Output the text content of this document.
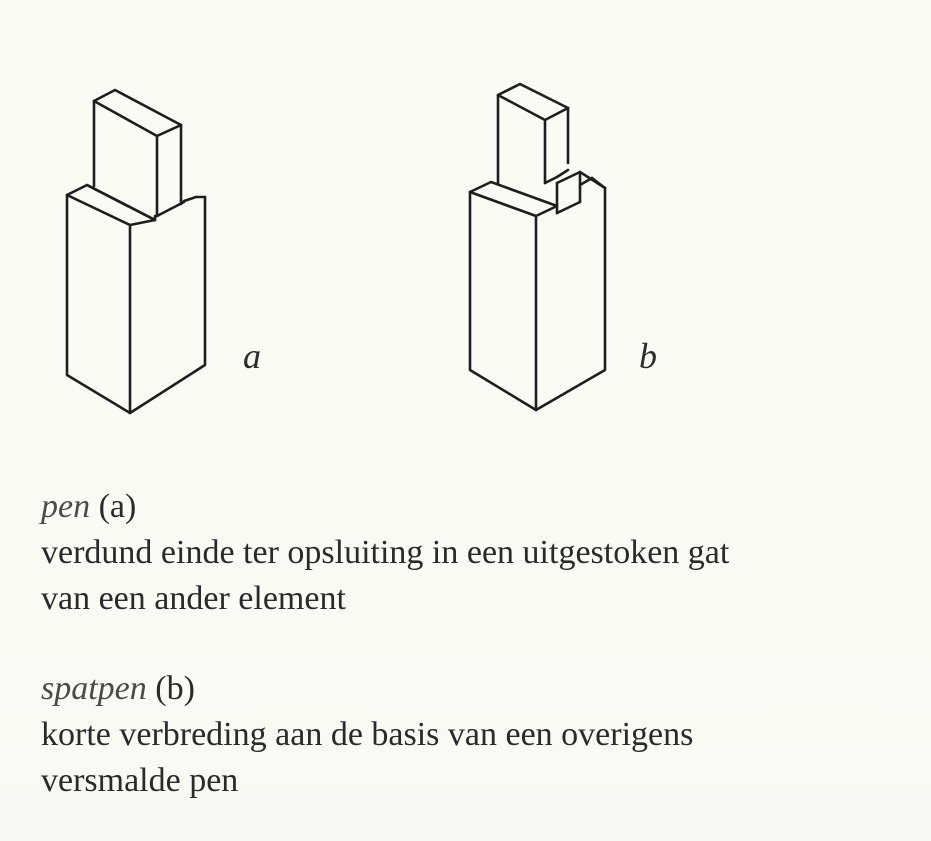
a	b
pen (a)
verdund einde ter opsluiting in een uitgestoken gat
van een ander element
spatpen (b)
korte verbreding aan de basis van een overigens
versmalde pen
